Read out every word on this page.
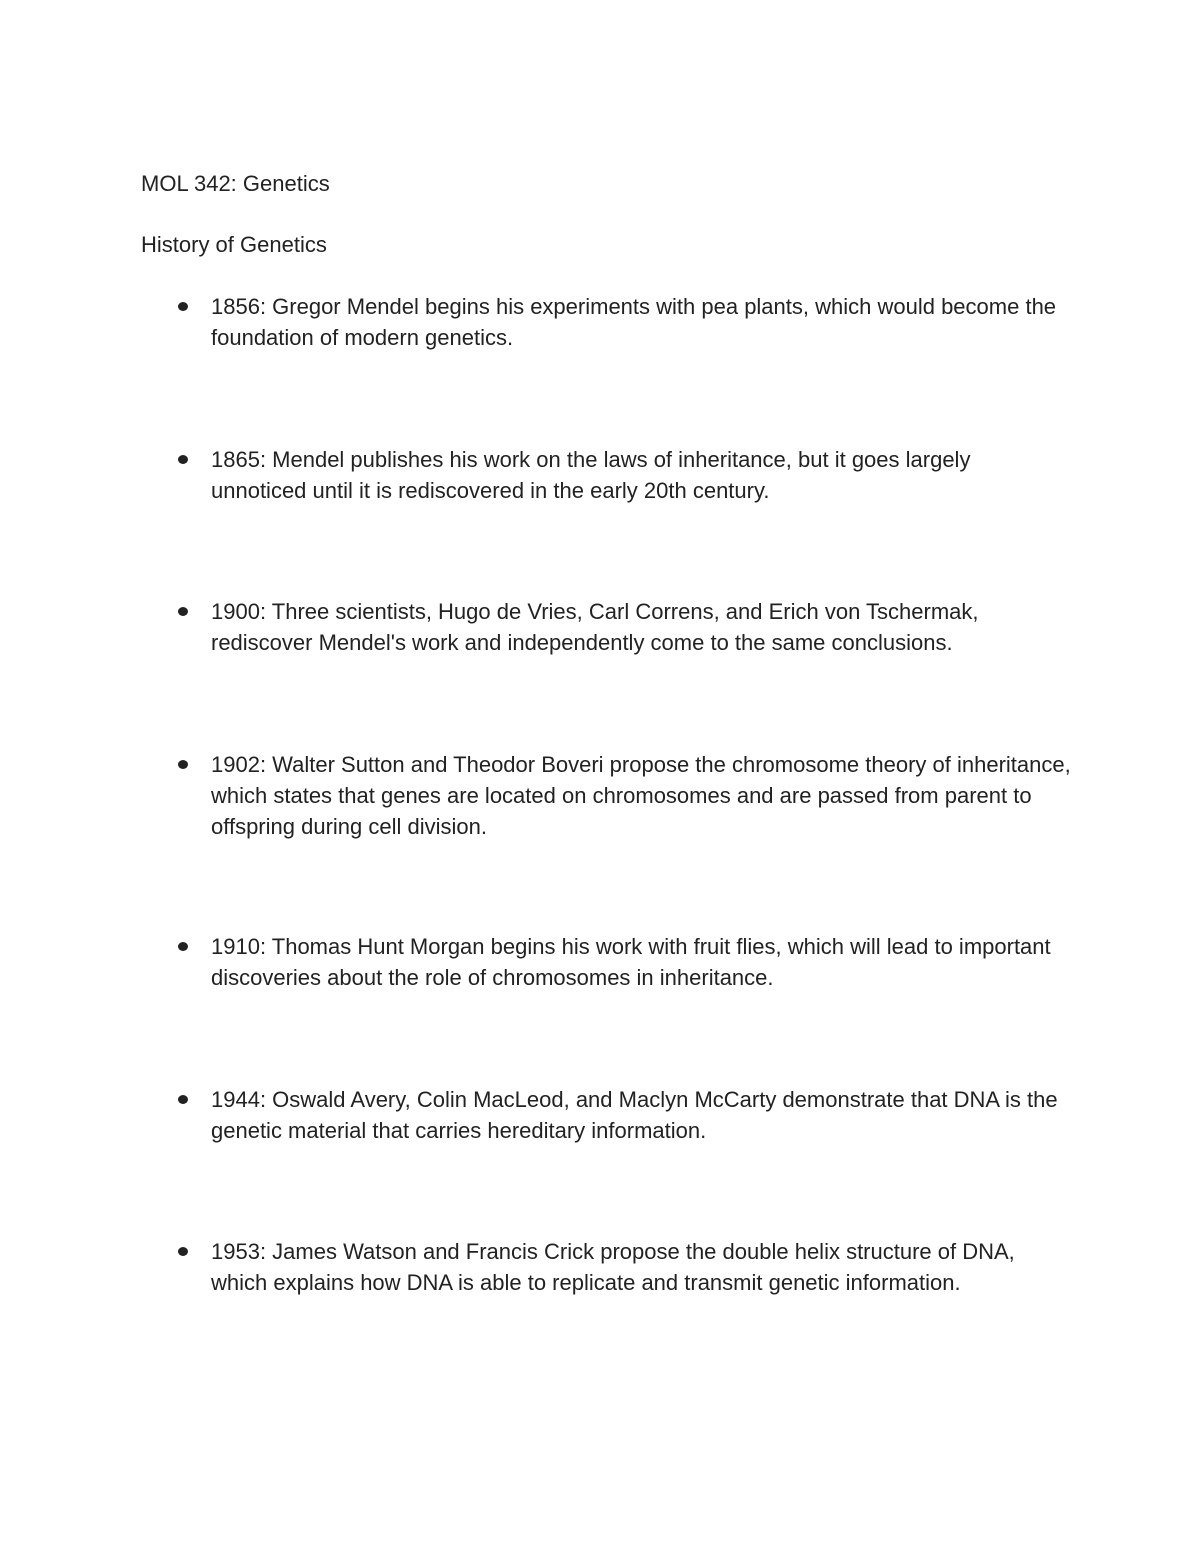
MOL 342: Genetics
History of Genetics

1856: Gregor Mendel begins his experiments with pea plants, which would become the foundation of modern genetics.

1865: Mendel publishes his work on the laws of inheritance, but it goes largely unnoticed until it is rediscovered in the early 20th century.

1900: Three scientists, Hugo de Vries, Carl Correns, and Erich von Tschermak, rediscover Mendel's work and independently come to the same conclusions.

1902: Walter Sutton and Theodor Boveri propose the chromosome theory of inheritance, which states that genes are located on chromosomes and are passed from parent to offspring during cell division.

1910: Thomas Hunt Morgan begins his work with fruit flies, which will lead to important discoveries about the role of chromosomes in inheritance.

1944: Oswald Avery, Colin MacLeod, and Maclyn McCarty demonstrate that DNA is the genetic material that carries hereditary information.

1953: James Watson and Francis Crick propose the double helix structure of DNA, which explains how DNA is able to replicate and transmit genetic information.
